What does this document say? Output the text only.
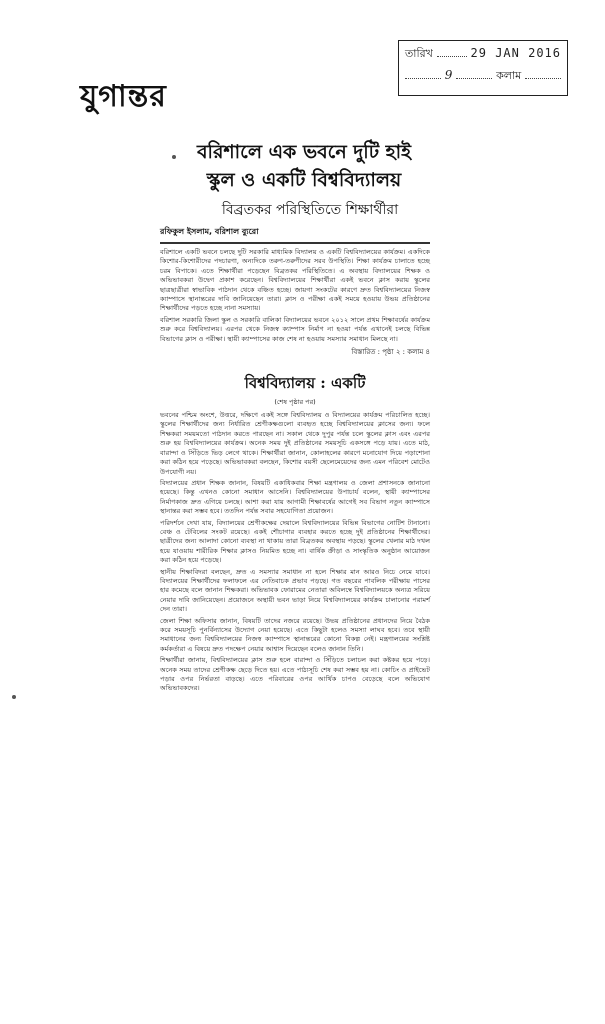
তারিখ	29 JAN 2016
9	কলাম
যুগান্তর
বরিশালে এক ভবনে দুটি হাই
স্কুল ও একটি বিশ্ববিদ্যালয়
বিব্রতকর পরিস্থিতিতে শিক্ষার্থীরা
রফিকুল ইসলাম, বরিশাল ব্যুরো

বরিশালে একটি ভবনে চলছে দুটি সরকারি মাধ্যমিক বিদ্যালয় ও একটি বিশ্ববিদ্যালয়ের কার্যক্রম। একদিকে কিশোর-কিশোরীদের পদচারণা, অন্যদিকে তরুণ-তরুণীদের সরব উপস্থিতি। শিক্ষা কার্যক্রম চালাতে হচ্ছে চরম বিপাকে। এতে শিক্ষার্থীরা পড়েছেন বিব্রতকর পরিস্থিতিতে। এ অবস্থায় বিদ্যালয়ের শিক্ষক ও অভিভাবকরা উদ্বেগ প্রকাশ করেছেন। বিশ্ববিদ্যালয়ের শিক্ষার্থীরা একই ভবনে ক্লাস করায় স্কুলের ছাত্রছাত্রীরা স্বাভাবিক পাঠদান থেকে বঞ্চিত হচ্ছে। জায়গা সংকটের কারণে দ্রুত বিশ্ববিদ্যালয়ের নিজস্ব ক্যাম্পাসে স্থানান্তরের দাবি জানিয়েছেন তারা। ক্লাস ও পরীক্ষা একই সময়ে হওয়ায় উভয় প্রতিষ্ঠানের শিক্ষার্থীদের পড়তে হচ্ছে নানা সমস্যায়।

বরিশাল সরকারি জিলা স্কুল ও সরকারি বালিকা বিদ্যালয়ের ভবনে ২০১২ সালে প্রথম শিক্ষাবর্ষের কার্যক্রম শুরু করে বিশ্ববিদ্যালয়। এরপর থেকে নিজস্ব ক্যাম্পাস নির্মাণ না হওয়া পর্যন্ত এখানেই চলছে বিভিন্ন বিভাগের ক্লাস ও পরীক্ষা। স্থায়ী ক্যাম্পাসের কাজ শেষ না হওয়ায় সমস্যার সমাধান মিলছে না।

বিস্তারিত : পৃষ্ঠা ২ : কলাম ৪
বিশ্ববিদ্যালয় : একটি
(শেষ পৃষ্ঠার পর)

ভবনের পশ্চিম অংশে, উত্তরে, দক্ষিণে একই সঙ্গে বিশ্ববিদ্যালয় ও বিদ্যালয়ের কার্যক্রম পরিচালিত হচ্ছে। স্কুলের শিক্ষার্থীদের জন্য নির্ধারিত শ্রেণীকক্ষগুলো ব্যবহৃত হচ্ছে বিশ্ববিদ্যালয়ের ক্লাসের জন্য। ফলে শিক্ষকরা সময়মতো পাঠদান করতে পারছেন না। সকাল থেকে দুপুর পর্যন্ত চলে স্কুলের ক্লাস এবং এরপর শুরু হয় বিশ্ববিদ্যালয়ের কার্যক্রম। অনেক সময় দুই প্রতিষ্ঠানের সময়সূচি একসঙ্গে পড়ে যায়। এতে মাঠ, বারান্দা ও সিঁড়িতে ভিড় লেগে থাকে। শিক্ষার্থীরা জানান, কোলাহলের কারণে মনোযোগ দিয়ে পড়াশোনা করা কঠিন হয়ে পড়েছে। অভিভাবকরা বলছেন, কিশোর বয়সী ছেলেমেয়েদের জন্য এমন পরিবেশ মোটেও উপযোগী নয়।

বিদ্যালয়ের প্রধান শিক্ষক জানান, বিষয়টি একাধিকবার শিক্ষা মন্ত্রণালয় ও জেলা প্রশাসনকে জানানো হয়েছে। কিন্তু এখনও কোনো সমাধান আসেনি। বিশ্ববিদ্যালয়ের উপাচার্য বলেন, স্থায়ী ক্যাম্পাসের নির্মাণকাজ দ্রুত এগিয়ে চলছে। আশা করা যায় আগামী শিক্ষাবর্ষের আগেই সব বিভাগ নতুন ক্যাম্পাসে স্থানান্তর করা সম্ভব হবে। ততদিন পর্যন্ত সবার সহযোগিতা প্রয়োজন।

পরিদর্শনে দেখা যায়, বিদ্যালয়ের শ্রেণীকক্ষের দেয়ালে বিশ্ববিদ্যালয়ের বিভিন্ন বিভাগের নোটিশ টানানো। বেঞ্চ ও টেবিলের সংকট রয়েছে। একই শৌচাগার ব্যবহার করতে হচ্ছে দুই প্রতিষ্ঠানের শিক্ষার্থীদের। ছাত্রীদের জন্য আলাদা কোনো ব্যবস্থা না থাকায় তারা বিব্রতকর অবস্থায় পড়ছে। স্কুলের খেলার মাঠ দখল হয়ে যাওয়ায় শারীরিক শিক্ষার ক্লাসও নিয়মিত হচ্ছে না। বার্ষিক ক্রীড়া ও সাংস্কৃতিক অনুষ্ঠান আয়োজন করা কঠিন হয়ে পড়েছে।

স্থানীয় শিক্ষাবিদরা বলছেন, দ্রুত এ সমস্যার সমাধান না হলে শিক্ষার মান আরও নিচে নেমে যাবে। বিদ্যালয়ের শিক্ষার্থীদের ফলাফলে এর নেতিবাচক প্রভাব পড়ছে। গত বছরের পাবলিক পরীক্ষায় পাসের হার কমেছে বলে জানান শিক্ষকরা। অভিভাবক ফোরামের নেতারা অবিলম্বে বিশ্ববিদ্যালয়কে অন্যত্র সরিয়ে নেয়ার দাবি জানিয়েছেন। প্রয়োজনে অস্থায়ী ভবন ভাড়া নিয়ে বিশ্ববিদ্যালয়ের কার্যক্রম চালানোর পরামর্শ দেন তারা।

জেলা শিক্ষা অফিসার জানান, বিষয়টি তাদের নজরে রয়েছে। উভয় প্রতিষ্ঠানের প্রধানদের নিয়ে বৈঠক করে সময়সূচি পুনর্বিন্যাসের উদ্যোগ নেয়া হয়েছে। এতে কিছুটা হলেও সমস্যা লাঘব হবে। তবে স্থায়ী সমাধানের জন্য বিশ্ববিদ্যালয়ের নিজস্ব ক্যাম্পাসে স্থানান্তরের কোনো বিকল্প নেই। মন্ত্রণালয়ের সংশ্লিষ্ট কর্মকর্তারা এ বিষয়ে দ্রুত পদক্ষেপ নেয়ার আশ্বাস দিয়েছেন বলেও জানান তিনি।

শিক্ষার্থীরা জানায়, বিশ্ববিদ্যালয়ের ক্লাস শুরু হলে বারান্দা ও সিঁড়িতে চলাচল করা কষ্টকর হয়ে পড়ে। অনেক সময় তাদের শ্রেণীকক্ষ ছেড়ে দিতে হয়। এতে পাঠ্যসূচি শেষ করা সম্ভব হয় না। কোচিং ও প্রাইভেট পড়ার ওপর নির্ভরতা বাড়ছে। এতে পরিবারের ওপর আর্থিক চাপও বেড়েছে বলে অভিযোগ অভিভাবকদের।
